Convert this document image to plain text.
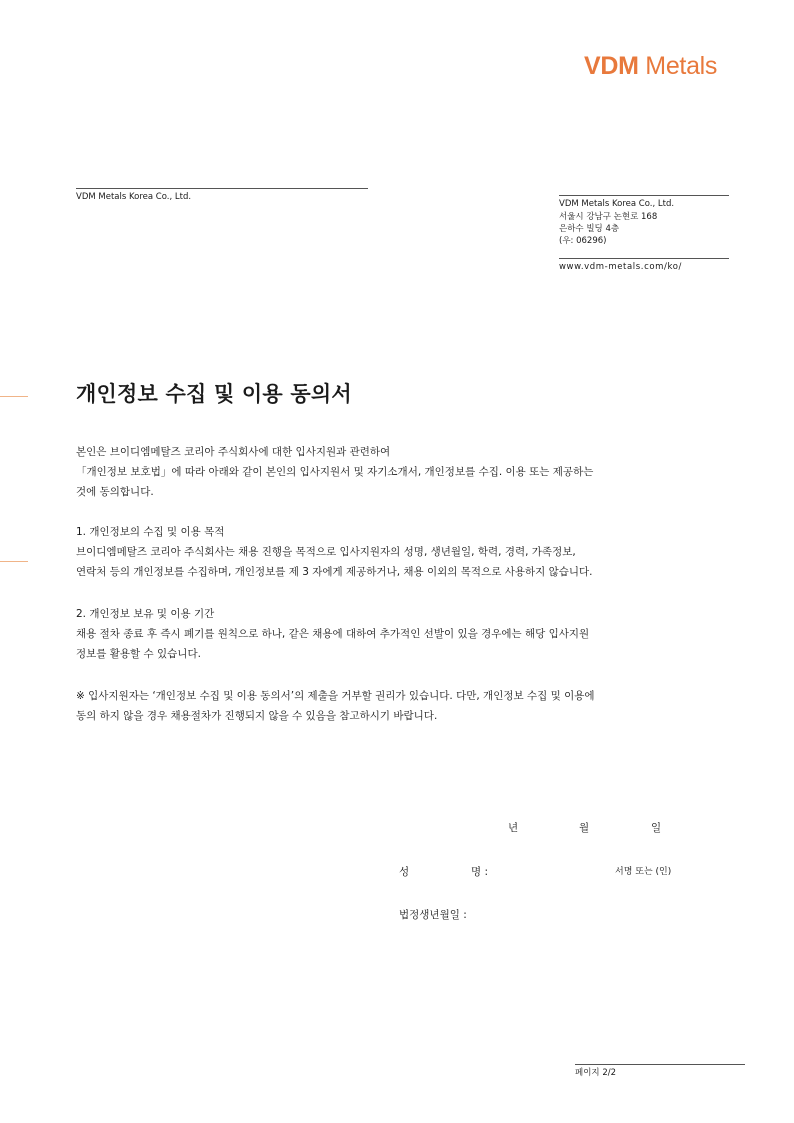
VDM Metals
VDM Metals Korea Co., Ltd.
VDM Metals Korea Co., Ltd.
서울시 강남구 논현로 168
은하수 빌딩 4층
(우: 06296)
www.vdm-metals.com/ko/
개인정보 수집 및 이용 동의서

본인은 브이디엠메탈즈 코리아 주식회사에 대한 입사지원과 관련하여

「개인정보 보호법」에 따라 아래와 같이 본인의 입사지원서 및 자기소개서, 개인정보를 수집. 이용 또는 제공하는

것에 동의합니다.

1. 개인정보의 수집 및 이용 목적

브이디엠메탈즈 코리아 주식회사는 채용 진행을 목적으로 입사지원자의 성명, 생년월일, 학력, 경력, 가족정보,

연락처 등의 개인정보를 수집하며, 개인정보를 제 3 자에게 제공하거나, 채용 이외의 목적으로 사용하지 않습니다.

2. 개인정보 보유 및 이용 기간

채용 절차 종료 후 즉시 폐기를 원칙으로 하나, 같은 채용에 대하여 추가적인 선발이 있을 경우에는 해당 입사지원

정보를 활용할 수 있습니다.

※ 입사지원자는 ‘개인정보 수집 및 이용 동의서’의 제출을 거부할 권리가 있습니다. 다만, 개인정보 수집 및 이용에

동의 하지 않을 경우 채용절차가 진행되지 않을 수 있음을 참고하시기 바랍니다.

년	월	일
성	명 :	서명 또는 (인)
법정생년월일 :
페이지 2/2
